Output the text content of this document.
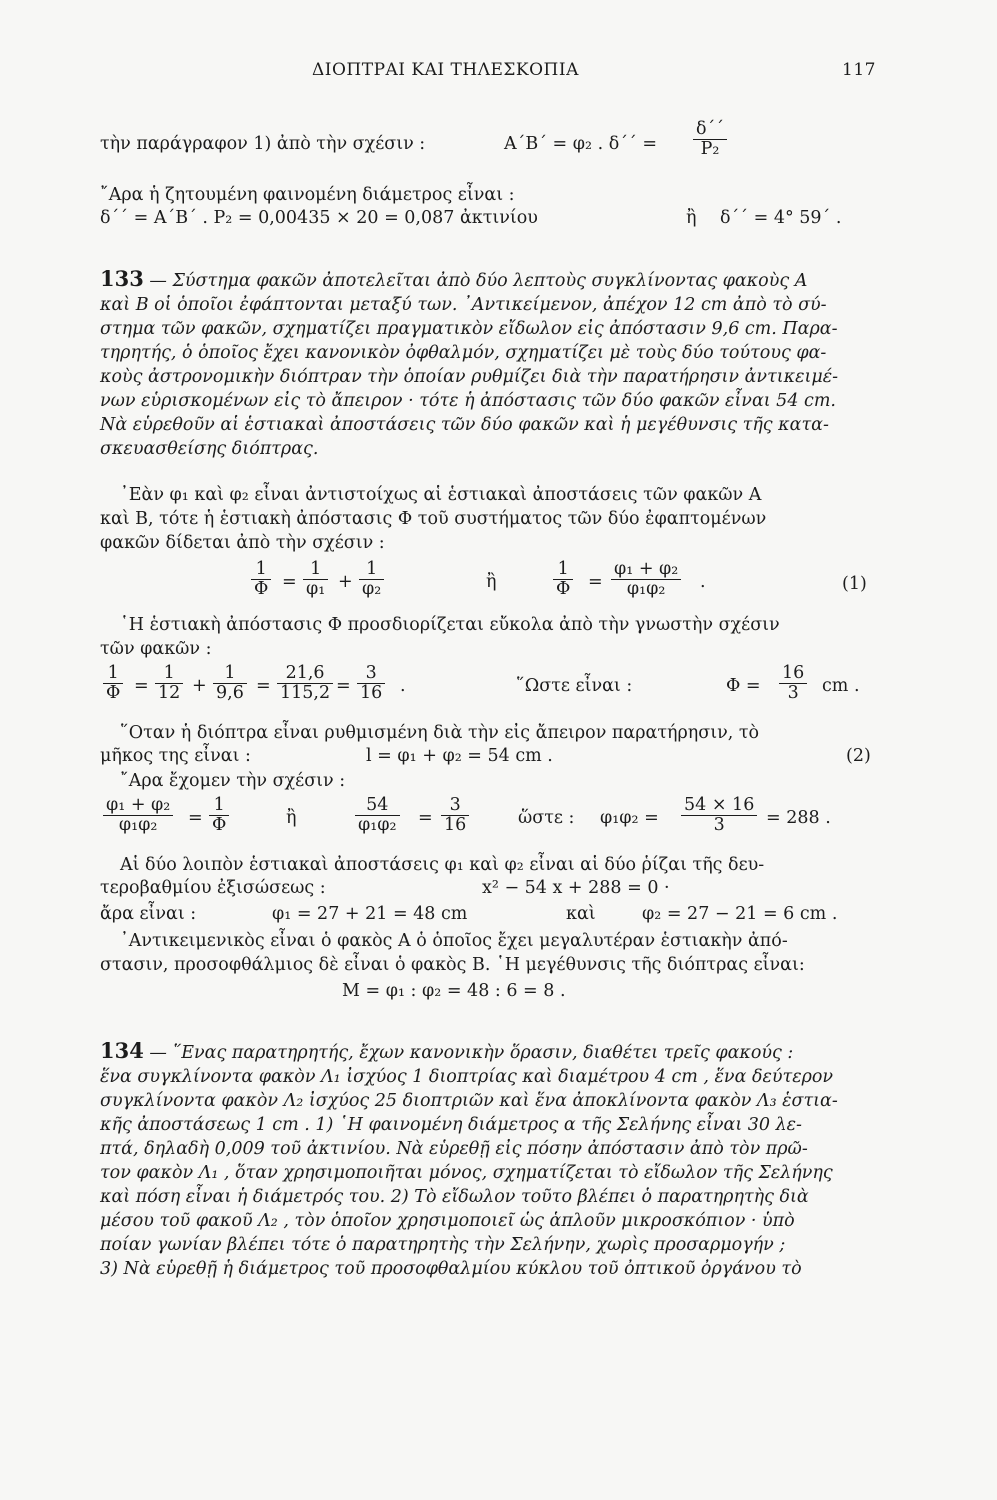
ΔΙΟΠΤΡΑΙ ΚΑΙ ΤΗΛΕΣΚΟΠΙΑ	117
τὴν παράγραφον 1) ἀπὸ τὴν σχέσιν :	A΄B΄ = φ₂ . $\delta΄΄ = \frac{\delta΄΄}{\text{P₂}}$
῎Αρα ἡ ζητουμένη φαινομένη διάμετρος εἶναι :
δ΄΄ = A΄B΄ . P₂ = 0,00435 × 20 = 0,087 ἀκτινίου	ἢ δ΄΄ = 4° 59΄ .
133 — Σύστημα φακῶν ἀποτελεῖται ἀπὸ δύο λεπτοὺς συγκλίνοντας φακοὺς A
καὶ B οἱ ὁποῖοι ἐφάπτονται μεταξύ των. ᾿Αντικείμενον, ἀπέχον 12 cm ἀπὸ τὸ σύ-
στημα τῶν φακῶν, σχηματίζει πραγματικὸν εἴδωλον εἰς ἀπόστασιν 9,6 cm. Παρα-
τηρητής, ὁ ὁποῖος ἔχει κανονικὸν ὀφθαλμόν, σχηματίζει μὲ τοὺς δύο τούτους φα-
κοὺς ἀστρονομικὴν διόπτραν τὴν ὁποίαν ρυθμίζει διὰ τὴν παρατήρησιν ἀντικειμέ-
νων εὑρισκομένων εἰς τὸ ἄπειρον · τότε ἡ ἀπόστασις τῶν δύο φακῶν εἶναι 54 cm.
Νὰ εὑρεθοῦν αἱ ἑστιακαὶ ἀποστάσεις τῶν δύο φακῶν καὶ ἡ μεγέθυνσις τῆς κατα-
σκευασθείσης διόπτρας.
᾿Εὰν φ₁ καὶ φ₂ εἶναι ἀντιστοίχως αἱ ἑστιακαὶ ἀποστάσεις τῶν φακῶν A
καὶ B, τότε ἡ ἑστιακὴ ἀπόστασις Φ τοῦ συστήματος τῶν δύο ἐφαπτομένων
φακῶν δίδεται ἀπὸ τὴν σχέσιν :
$\frac{1}{\Phi} = \frac{1}{\text{φ₁}} + \frac{1}{\text{φ₂}}$	ἢ	$\frac{1}{\Phi} = \frac{\text{φ₁ + φ₂}}{\text{φ₁φ₂}}$ .	(1)
῾Η ἑστιακὴ ἀπόστασις Φ προσδιορίζεται εὔκολα ἀπὸ τὴν γνωστὴν σχέσιν
τῶν φακῶν :
$\frac{1}{\Phi} = \frac{1}{12} + \frac{1}{9,6} = \frac{21,6}{115,2} = \frac{3}{16}$ .	῞Ωστε εἶναι :	$\Phi = \frac{16}{3}$ cm .
῞Οταν ἡ διόπτρα εἶναι ρυθμισμένη διὰ τὴν εἰς ἄπειρον παρατήρησιν, τὸ
μῆκος της εἶναι :	l = φ₁ + φ₂ = 54 cm .	(2)
῎Αρα ἔχομεν τὴν σχέσιν :
$\frac{\text{φ₁ + φ₂}}{\text{φ₁φ₂}} = \frac{1}{\Phi}$	ἢ	$\frac{54}{\text{φ₁φ₂}} = \frac{3}{16}$	ὥστε : $\varphi_1\varphi_2 = \frac{54 \times 16}{3} = 288$ .
Αἱ δύο λοιπὸν ἑστιακαὶ ἀποστάσεις φ₁ καὶ φ₂ εἶναι αἱ δύο ῥίζαι τῆς δευ-
τεροβαθμίου ἐξισώσεως :	x² − 54 x + 288 = 0 ·
ἄρα εἶναι :	φ₁ = 27 + 21 = 48 cm	καὶ	φ₂ = 27 − 21 = 6 cm .
᾿Αντικειμενικὸς εἶναι ὁ φακὸς A ὁ ὁποῖος ἔχει μεγαλυτέραν ἑστιακὴν ἀπό-
στασιν, προσοφθάλμιος δὲ εἶναι ὁ φακὸς B. ῾Η μεγέθυνσις τῆς διόπτρας εἶναι:
M = φ₁ : φ₂ = 48 : 6 = 8 .
134 — ῞Ενας παρατηρητής, ἔχων κανονικὴν ὅρασιν, διαθέτει τρεῖς φακούς :
ἕνα συγκλίνοντα φακὸν Λ₁ ἰσχύος 1 διοπτρίας καὶ διαμέτρου 4 cm , ἕνα δεύτερον
συγκλίνοντα φακὸν Λ₂ ἰσχύος 25 διοπτριῶν καὶ ἕνα ἀποκλίνοντα φακὸν Λ₃ ἑστια-
κῆς ἀποστάσεως 1 cm . 1) ῾Η φαινομένη διάμετρος α τῆς Σελήνης εἶναι 30 λε-
πτά, δηλαδὴ 0,009 τοῦ ἀκτινίου. Νὰ εὑρεθῇ εἰς πόσην ἀπόστασιν ἀπὸ τὸν πρῶ-
τον φακὸν Λ₁ , ὅταν χρησιμοποιῆται μόνος, σχηματίζεται τὸ εἴδωλον τῆς Σελήνης
καὶ πόση εἶναι ἡ διάμετρός του. 2) Τὸ εἴδωλον τοῦτο βλέπει ὁ παρατηρητὴς διὰ
μέσου τοῦ φακοῦ Λ₂ , τὸν ὁποῖον χρησιμοποιεῖ ὡς ἁπλοῦν μικροσκόπιον · ὑπὸ
ποίαν γωνίαν βλέπει τότε ὁ παρατηρητὴς τὴν Σελήνην, χωρὶς προσαρμογήν ;
3) Νὰ εὑρεθῇ ἡ διάμετρος τοῦ προσοφθαλμίου κύκλου τοῦ ὀπτικοῦ ὀργάνου τὸ
